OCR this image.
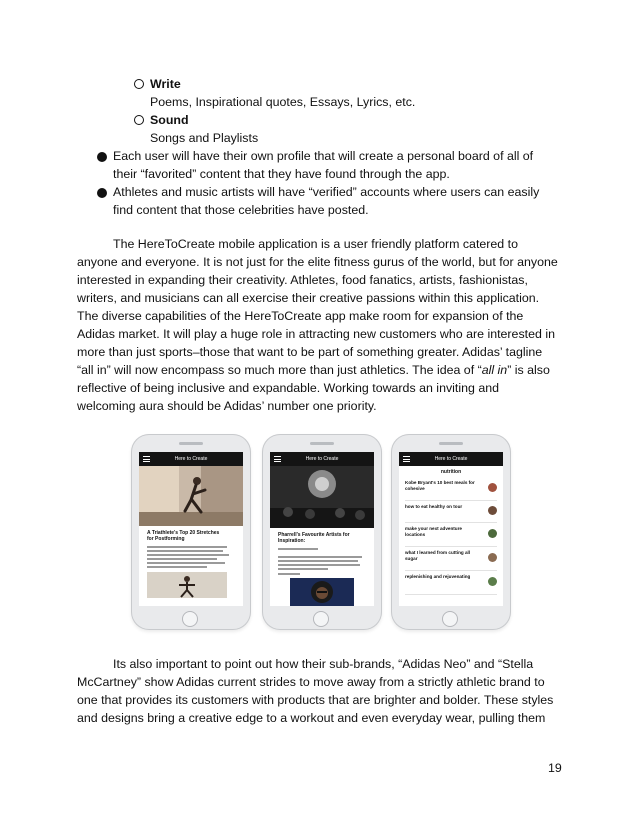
Write
Poems, Inspirational quotes, Essays, Lyrics, etc.
Sound
Songs and Playlists
Each user will have their own profile that will create a personal board of all of
their “favorited” content that they have found through the app.
Athletes and music artists will have “verified” accounts where users can easily
find content that those celebrities have posted.
The HereToCreate mobile application is a user friendly platform catered to
anyone and everyone. It is not just for the elite fitness gurus of the world, but for anyone
interested in expanding their creativity. Athletes, food fanatics, artists, fashionistas,
writers, and musicians can all exercise their creative passions within this application.
The diverse capabilities of the HereToCreate app make room for expansion of the
Adidas market. It will play a huge role in attracting new customers who are interested in
more than just sports–those that want to be part of something greater. Adidas’ tagline
“all in” will now encompass so much more than just athletics. The idea of “all in” is also
reflective of being inclusive and expandable. Working towards an inviting and
welcoming aura should be Adidas’ number one priority.
Here to Create
A Triathlete's Top 20 Stretches
for Postforming
Here to Create
Pharrell's Favourite Artists for
Inspiration:
Here to Create
nutrition
Kobe Bryant's 10 best meals for cohesive
how to eat healthy on tour
make your next adventure locations
what I learned from cutting all sugar
replenishing and rejuvenating
Its also important to point out how their sub-brands, “Adidas Neo” and “Stella
McCartney” show Adidas current strides to move away from a strictly athletic brand to
one that provides its customers with products that are brighter and bolder. These styles
and designs bring a creative edge to a workout and even everyday wear, pulling them
19
